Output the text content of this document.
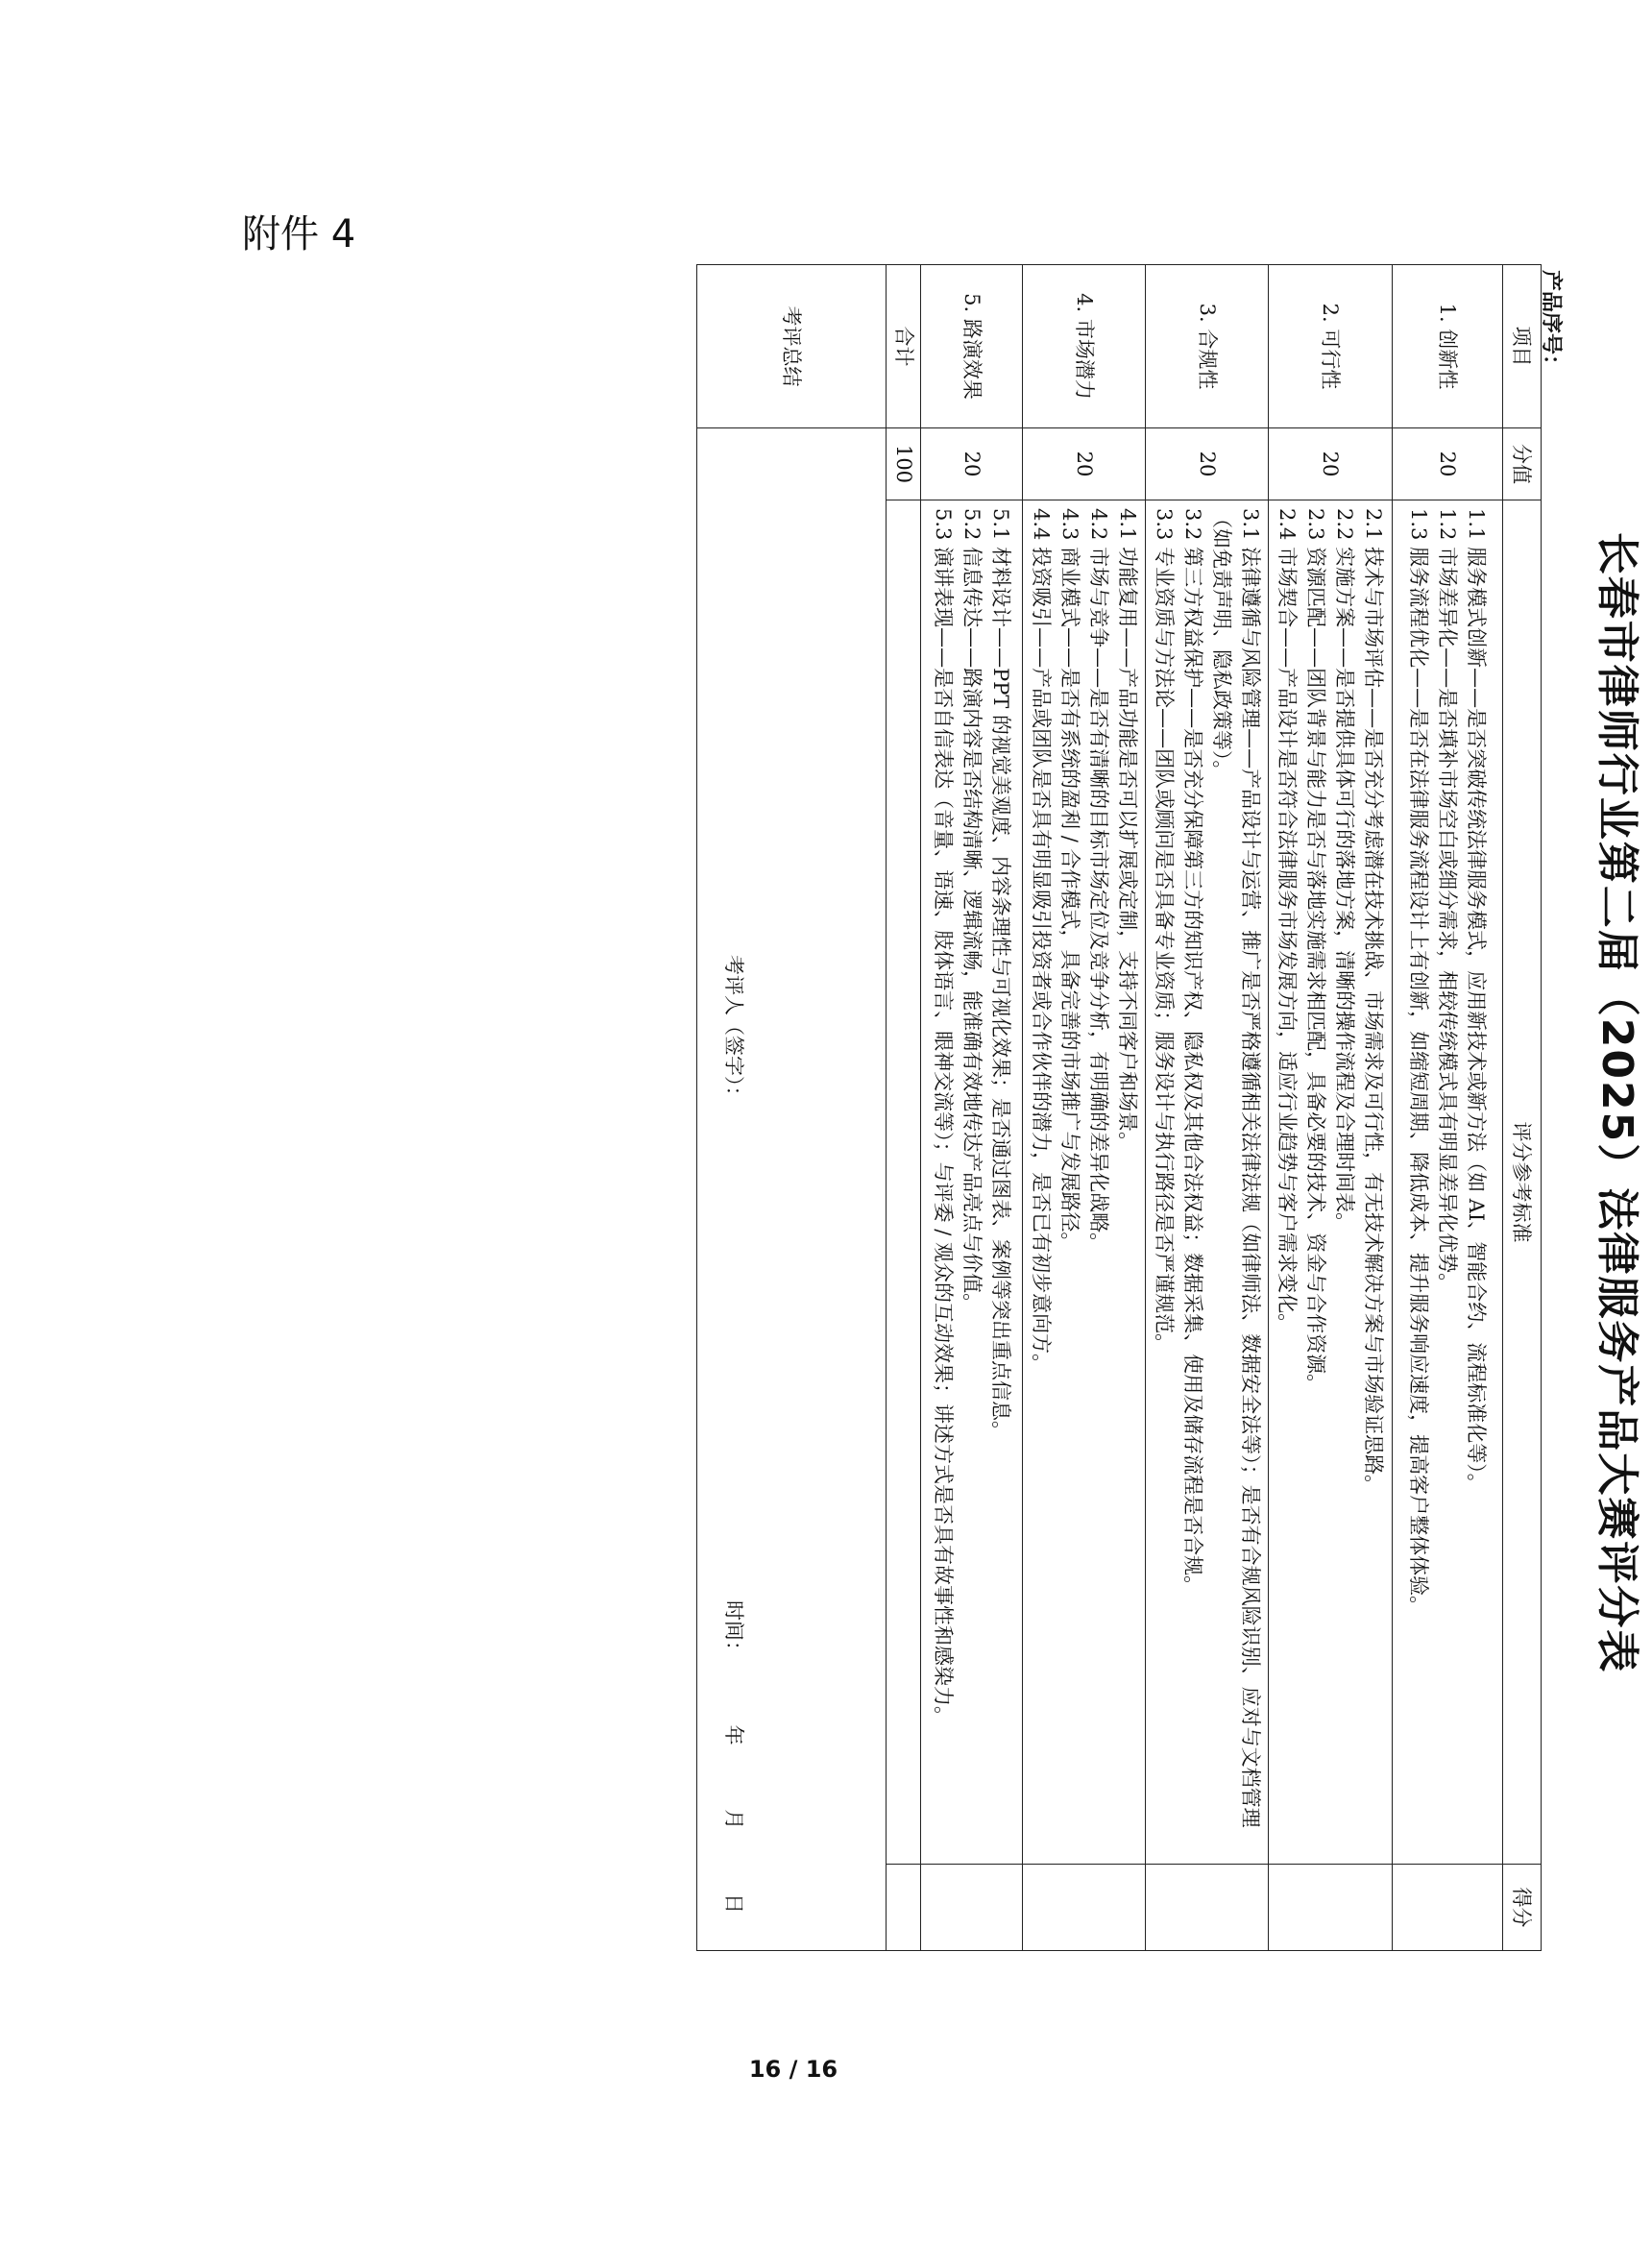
附件 4
长春市律师行业第二届（2025）法律服务产品大赛评分表
产品序号：
项目	分值	评分参考标准	得分
1. 创新性	20	1.1 服务模式创新——是否突破传统法律服务模式，应用新技术或新方法（如 AI、智能合约、流程标准化等）。

1.2 市场差异化——是否填补市场空白或细分需求，相较传统模式具有明显差异化优势。

1.3 服务流程优化——是否在法律服务流程设计上有创新，如缩短周期、降低成本、提升服务响应速度，提高客户整体体验。	

2. 可行性	20	2.1 技术与市场评估——是否充分考虑潜在技术挑战、市场需求及可行性，有无技术解决方案与市场验证思路。

2.2 实施方案——是否提供具体可行的落地方案，清晰的操作流程及合理时间表。

2.3 资源匹配——团队背景与能力是否与落地实施需求相匹配，具备必要的技术、资金与合作资源。

2.4 市场契合——产品设计是否符合法律服务市场发展方向，适应行业趋势与客户需求变化。	

3. 合规性	20	3.1 法律遵循与风险管理——产品设计与运营、推广是否严格遵循相关法律法规（如律师法、数据安全法等）；是否有合规风险识别、应对与文档管理（如免责声明、隐私政策等）。

3.2 第三方权益保护——是否充分保障第三方的知识产权、隐私权及其他合法权益；数据采集、使用及储存流程是否合规。

3.3 专业资质与方法论——团队或顾问是否具备专业资质；服务设计与执行路径是否严谨规范。	

4. 市场潜力	20	4.1 功能复用——产品功能是否可以扩展或定制，支持不同客户和场景。

4.2 市场与竞争——是否有清晰的目标市场定位及竞争分析，有明确的差异化战略。

4.3 商业模式——是否有系统的盈利 / 合作模式，具备完善的市场推广与发展路径。

4.4 投资吸引——产品或团队是否具有明显吸引投资者或合作伙伴的潜力，是否已有初步意向方。	

5. 路演效果	20	5.1 材料设计——PPT 的视觉美观度、内容条理性与可视化效果；是否通过图表、案例等突出重点信息。

5.2 信息传达——路演内容是否结构清晰、逻辑流畅，能准确有效地传达产品亮点与价值。

5.3 演讲表现——是否自信表达（音量、语速、肢体语言、眼神交流等）；与评委 / 观众的互动效果；讲述方式是否具有故事性和感染力。	

合计	100		
考评总结	考评人（签字）：
时间： 年 月 日		
16 / 16
